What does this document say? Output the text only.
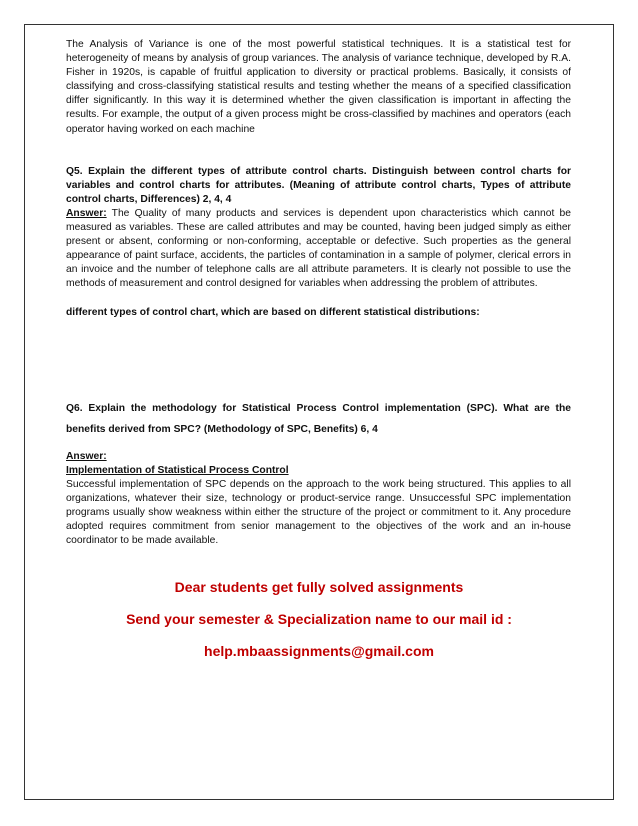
The Analysis of Variance is one of the most powerful statistical techniques. It is a statistical test for heterogeneity of means by analysis of group variances. The analysis of variance technique, developed by R.A. Fisher in 1920s, is capable of fruitful application to diversity or practical problems. Basically, it consists of classifying and cross-classifying statistical results and testing whether the means of a specified classification differ significantly. In this way it is determined whether the given classification is important in affecting the results. For example, the output of a given process might be cross-classified by machines and operators (each operator having worked on each machine

Q5. Explain the different types of attribute control charts. Distinguish between control charts for variables and control charts for attributes. (Meaning of attribute control charts, Types of attribute control charts, Differences) 2, 4, 4

Answer: The Quality of many products and services is dependent upon characteristics which cannot be measured as variables. These are called attributes and may be counted, having been judged simply as either present or absent, conforming or non-conforming, acceptable or defective. Such properties as the general appearance of paint surface, accidents, the particles of contamination in a sample of polymer, clerical errors in an invoice and the number of telephone calls are all attribute parameters. It is clearly not possible to use the methods of measurement and control designed for variables when addressing the problem of attributes.

different types of control chart, which are based on different statistical distributions:

Q6. Explain the methodology for Statistical Process Control implementation (SPC). What are the benefits derived from SPC? (Methodology of SPC, Benefits) 6, 4

Answer:

Implementation of Statistical Process Control

Successful implementation of SPC depends on the approach to the work being structured. This applies to all organizations, whatever their size, technology or product-service range. Unsuccessful SPC implementation programs usually show weakness within either the structure of the project or commitment to it. Any procedure adopted requires commitment from senior management to the objectives of the work and an in-house coordinator to be made available.

Dear students get fully solved assignments
Send your semester & Specialization name to our mail id :
help.mbaassignments@gmail.com
